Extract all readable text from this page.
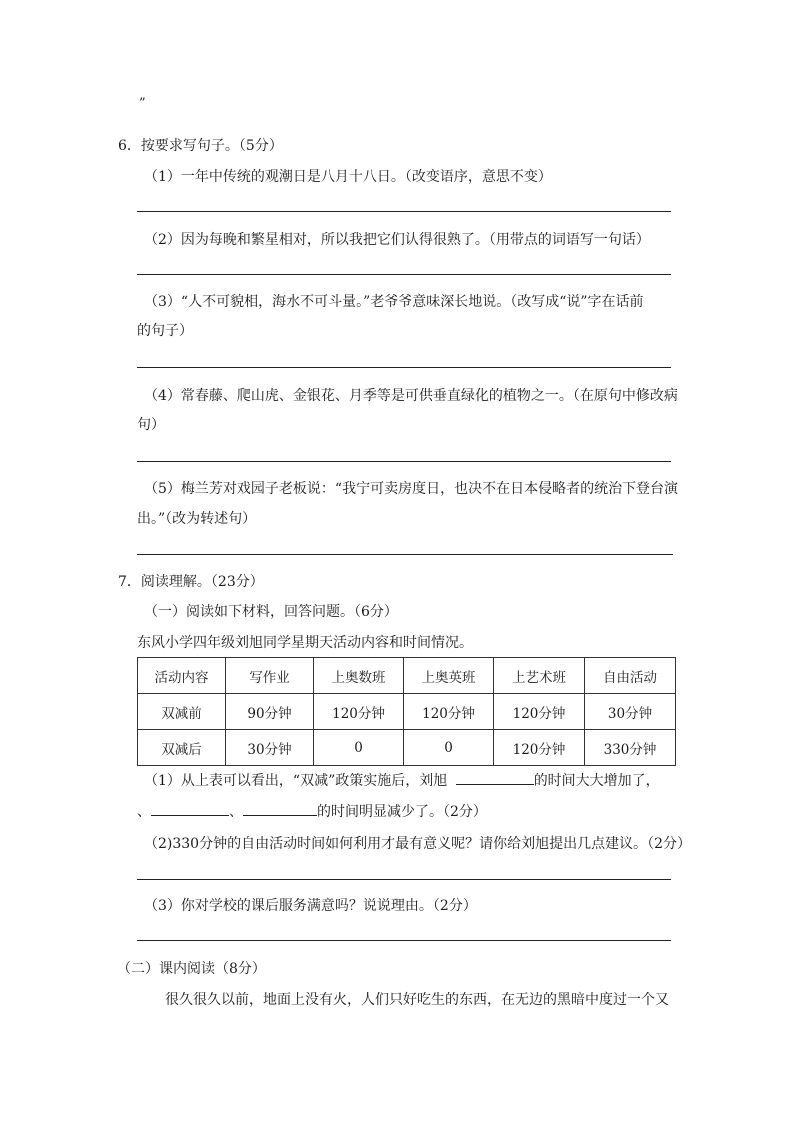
”
6．按要求写句子。（5分）
（1）一年中传统的观潮日是八月十八日。（改变语序，意思不变）
（2）因为每晚和繁星相对，所以我把它们认得很熟了。（用带点的词语写一句话）
（3）“人不可貌相，海水不可斗量。”老爷爷意味深长地说。（改写成“说”字在话前
的句子）
（4）常春藤、爬山虎、金银花、月季等是可供垂直绿化的植物之一。（在原句中修改病
句）
（5）梅兰芳对戏园子老板说：“我宁可卖房度日，也决不在日本侵略者的统治下登台演
出。”（改为转述句）
7．阅读理解。（23分）
（一）阅读如下材料，回答问题。（6分）
东风小学四年级刘旭同学星期天活动内容和时间情况。
活动内容	写作业	上奥数班	上奥英班	上艺术班	自由活动
双减前	90分钟	120分钟	120分钟	120分钟	30分钟
双减后	30分钟	0	0	120分钟	330分钟
（1）从上表可以看出，“双减”政策实施后，刘旭	的时间大大增加了，
、	、	的时间明显减少了。（2分）
（2)330分钟的自由活动时间如何利用才最有意义呢？请你给刘旭提出几点建议。（2分）
（3）你对学校的课后服务满意吗？说说理由。（2分）
（二）课内阅读（8分）
很久很久以前，地面上没有火，人们只好吃生的东西，在无边的黑暗中度过一个又
